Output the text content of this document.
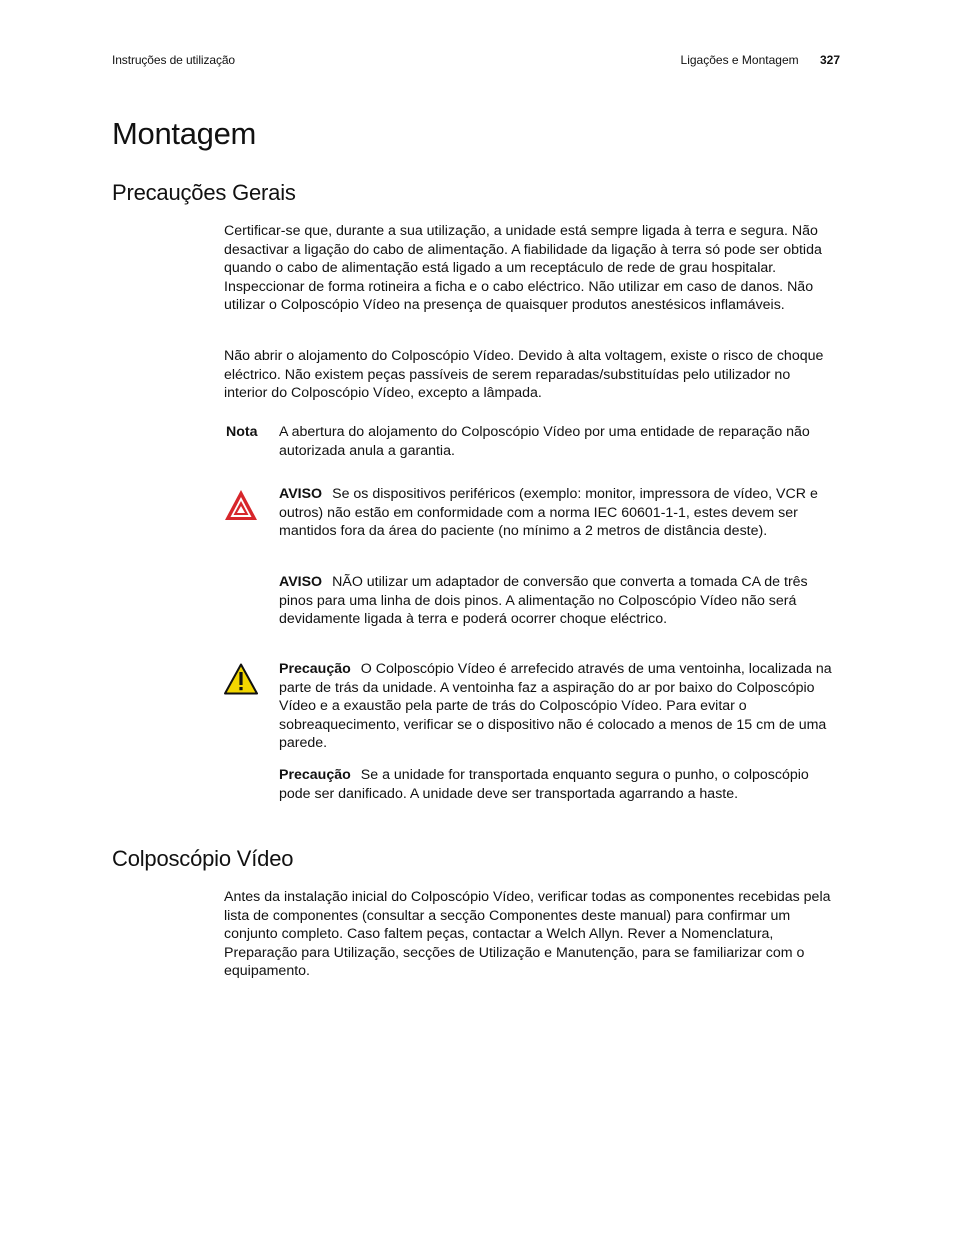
Instruções de utilização	Ligações e Montagem 327
Montagem
Precauções Gerais

Certificar-se que, durante a sua utilização, a unidade está sempre ligada à terra e segura. Não desactivar a ligação do cabo de alimentação. A fiabilidade da ligação à terra só pode ser obtida quando o cabo de alimentação está ligado a um receptáculo de rede de grau hospitalar. Inspeccionar de forma rotineira a ficha e o cabo eléctrico. Não utilizar em caso de danos. Não utilizar o Colposcópio Vídeo na presença de quaisquer produtos anestésicos inflamáveis.

Não abrir o alojamento do Colposcópio Vídeo. Devido à alta voltagem, existe o risco de choque eléctrico. Não existem peças passíveis de serem reparadas/substituídas pelo utilizador no interior do Colposcópio Vídeo, excepto a lâmpada.

Nota A abertura do alojamento do Colposcópio Vídeo por uma entidade de reparação não autorizada anula a garantia.

AVISO Se os dispositivos periféricos (exemplo: monitor, impressora de vídeo, VCR e outros) não estão em conformidade com a norma IEC 60601-1-1, estes devem ser mantidos fora da área do paciente (no mínimo a 2 metros de distância deste).

AVISO NÃO utilizar um adaptador de conversão que converta a tomada CA de três pinos para uma linha de dois pinos. A alimentação no Colposcópio Vídeo não será devidamente ligada à terra e poderá ocorrer choque eléctrico.

Precaução O Colposcópio Vídeo é arrefecido através de uma ventoinha, localizada na parte de trás da unidade. A ventoinha faz a aspiração do ar por baixo do Colposcópio Vídeo e a exaustão pela parte de trás do Colposcópio Vídeo. Para evitar o sobreaquecimento, verificar se o dispositivo não é colocado a menos de 15 cm de uma parede.

Precaução Se a unidade for transportada enquanto segura o punho, o colposcópio pode ser danificado. A unidade deve ser transportada agarrando a haste.

Colposcópio Vídeo

Antes da instalação inicial do Colposcópio Vídeo, verificar todas as componentes recebidas pela lista de componentes (consultar a secção Componentes deste manual) para confirmar um conjunto completo. Caso faltem peças, contactar a Welch Allyn. Rever a Nomenclatura, Preparação para Utilização, secções de Utilização e Manutenção, para se familiarizar com o equipamento.
